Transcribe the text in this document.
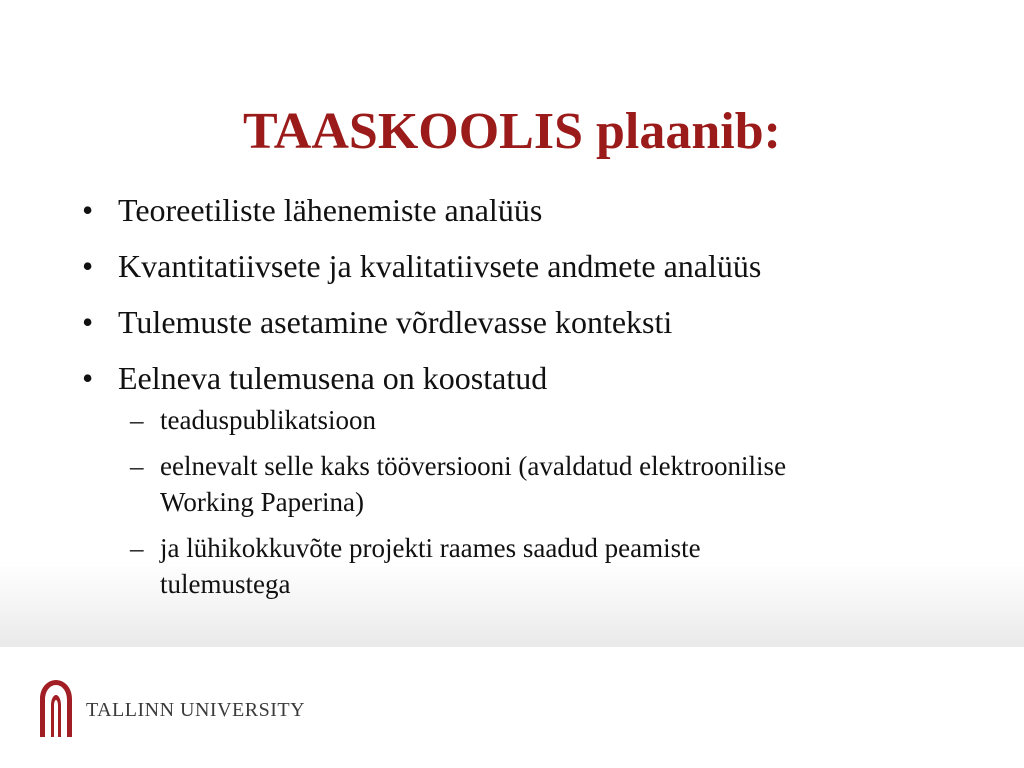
TAASKOOLIS plaanib:
• Teoreetiliste lähenemiste analüüs
• Kvantitatiivsete ja kvalitatiivsete andmete analüüs
• Tulemuste asetamine võrdlevasse konteksti
• Eelneva tulemusena on koostatud
– teaduspublikatsioon
– eelnevalt selle kaks tööversiooni (avaldatud elektroonilise Working Paperina)
– ja lühikokkuvõte projekti raames saadud peamiste tulemustega
TALLINN UNIVERSITY
